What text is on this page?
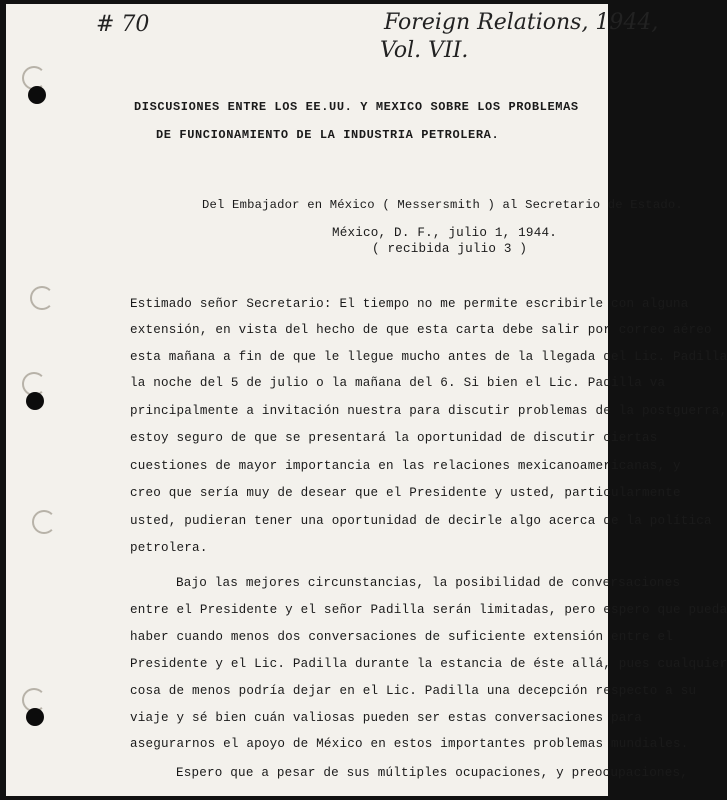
# 70	Foreign Relations, 1944,
Vol. VII.
DISCUSIONES ENTRE LOS EE.UU. Y MEXICO SOBRE LOS PROBLEMAS
DE FUNCIONAMIENTO DE LA INDUSTRIA PETROLERA.
Del Embajador en México ( Messersmith ) al Secretario de Estado.
México, D. F., julio 1, 1944.
( recibida julio 3 )
Estimado señor Secretario: El tiempo no me permite escribirle con alguna
extensión, en vista del hecho de que esta carta debe salir por correo aéreo
esta mañana a fin de que le llegue mucho antes de la llegada del Lic. Padilla
la noche del 5 de julio o la mañana del 6. Si bien el Lic. Padilla va
principalmente a invitación nuestra para discutir problemas de la postguerra,
estoy seguro de que se presentará la oportunidad de discutir ciertas
cuestiones de mayor importancia en las relaciones mexicanoamericanas, y
creo que sería muy de desear que el Presidente y usted, particularmente
usted, pudieran tener una oportunidad de decirle algo acerca de la política
petrolera.
Bajo las mejores circunstancias, la posibilidad de conversaciones
entre el Presidente y el señor Padilla serán limitadas, pero espero que pueda
haber cuando menos dos conversaciones de suficiente extensión entre el
Presidente y el Lic. Padilla durante la estancia de éste allá, pues cualquier
cosa de menos podría dejar en el Lic. Padilla una decepción respecto a su
viaje y sé bien cuán valiosas pueden ser estas conversaciones para
asegurarnos el apoyo de México en estos importantes problemas mundiales.
Espero que a pesar de sus múltiples ocupaciones, y preocupaciones,
